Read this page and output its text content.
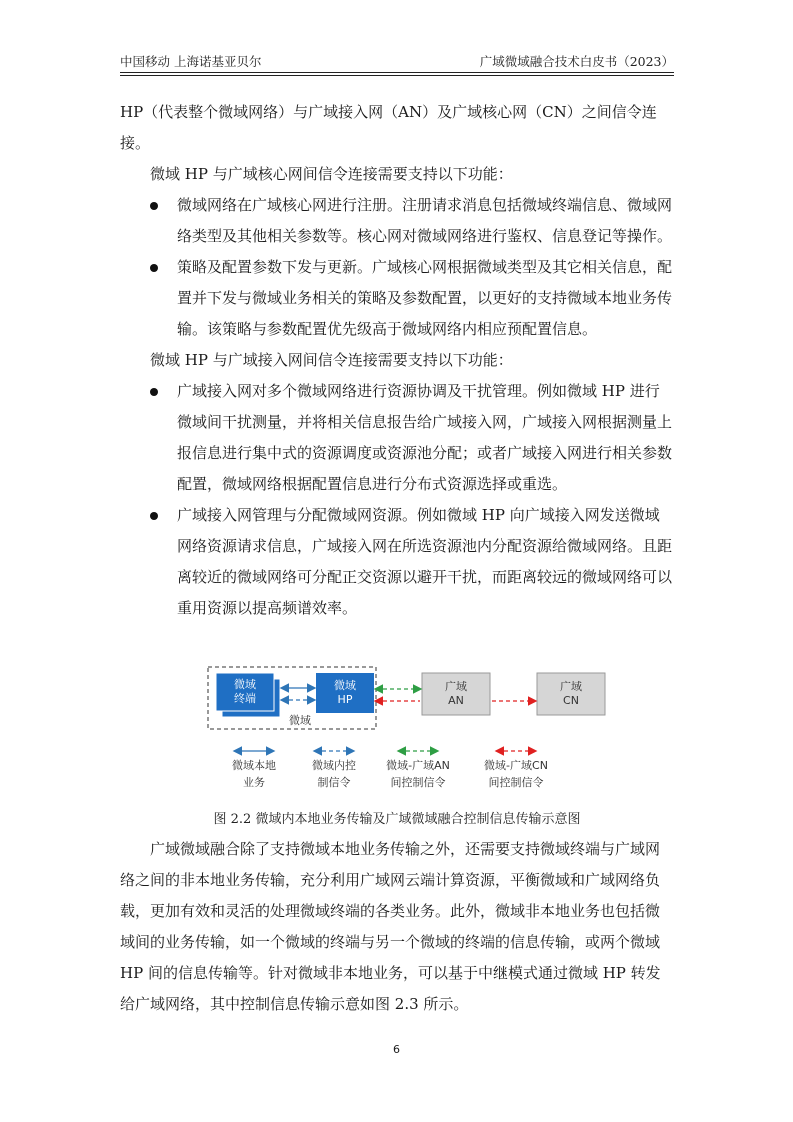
中国移动 上海诺基亚贝尔	广域微域融合技术白皮书（2023）

HP（代表整个微域网络）与广域接入网（AN）及广域核心网（CN）之间信令连接。

微域 HP 与广域核心网间信令连接需要支持以下功能：

微域网络在广域核心网进行注册。注册请求消息包括微域终端信息、微域网络类型及其他相关参数等。核心网对微域网络进行鉴权、信息登记等操作。
策略及配置参数下发与更新。广域核心网根据微域类型及其它相关信息，配置并下发与微域业务相关的策略及参数配置，以更好的支持微域本地业务传输。该策略与参数配置优先级高于微域网络内相应预配置信息。

微域 HP 与广域接入网间信令连接需要支持以下功能：

广域接入网对多个微域网络进行资源协调及干扰管理。例如微域 HP 进行微域间干扰测量，并将相关信息报告给广域接入网，广域接入网根据测量上报信息进行集中式的资源调度或资源池分配；或者广域接入网进行相关参数配置，微域网络根据配置信息进行分布式资源选择或重选。
广域接入网管理与分配微域网资源。例如微域 HP 向广域接入网发送微域网络资源请求信息，广域接入网在所选资源池内分配资源给微域网络。且距离较近的微域网络可分配正交资源以避开干扰，而距离较远的微域网络可以重用资源以提高频谱效率。
微域
终端
微域
HP
微域
广域
AN
广域
CN
微域本地
业务
微域内控
制信令
微域-广域AN
间控制信令
微域-广域CN
间控制信令
图 2.2 微域内本地业务传输及广域微域融合控制信息传输示意图

广域微域融合除了支持微域本地业务传输之外，还需要支持微域终端与广域网络之间的非本地业务传输，充分利用广域网云端计算资源，平衡微域和广域网络负载，更加有效和灵活的处理微域终端的各类业务。此外，微域非本地业务也包括微域间的业务传输，如一个微域的终端与另一个微域的终端的信息传输，或两个微域 HP 间的信息传输等。针对微域非本地业务，可以基于中继模式通过微域 HP 转发给广域网络，其中控制信息传输示意如图 2.3 所示。

6
